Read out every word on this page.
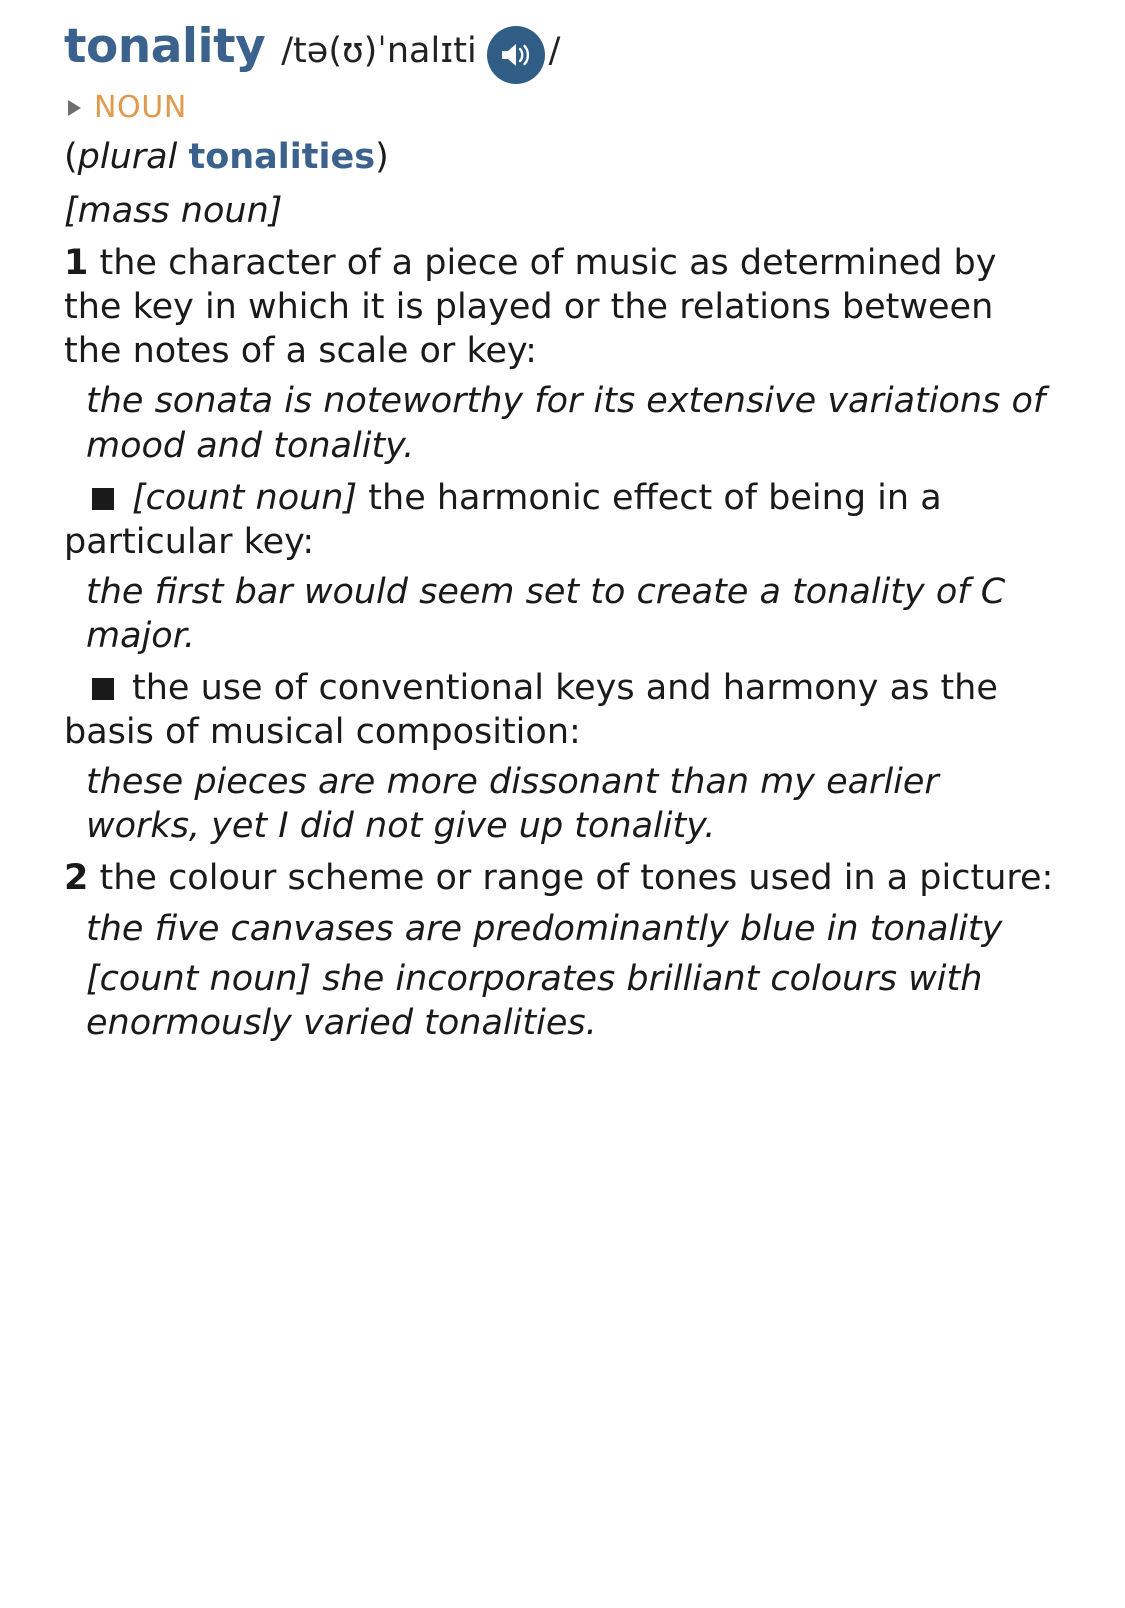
tonality /tə(ʊ)ˈnalɪti /
NOUN
(plural tonalities)
[mass noun]
1 the character of a piece of music as determined by the key in which it is played or the relations between the notes of a scale or key:
the sonata is noteworthy for its extensive variations of mood and tonality.
[count noun] the harmonic effect of being in a particular key:
the first bar would seem set to create a tonality of C major.
the use of conventional keys and harmony as the basis of musical composition:
these pieces are more dissonant than my earlier works, yet I did not give up tonality.
2 the colour scheme or range of tones used in a picture:
the five canvases are predominantly blue in tonality
[count noun] she incorporates brilliant colours with enormously varied tonalities.
